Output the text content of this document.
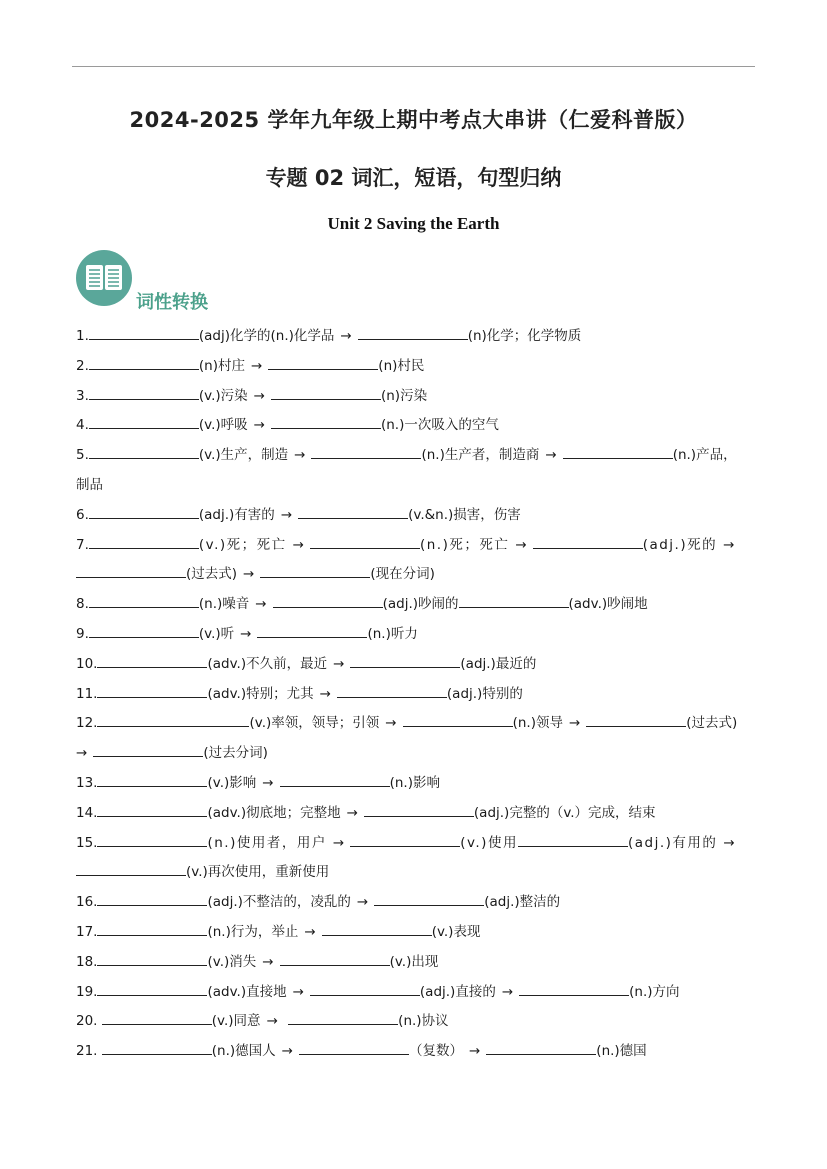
2024-2025 学年九年级上期中考点大串讲（仁爱科普版）
专题 02 词汇，短语，句型归纳
Unit 2 Saving the Earth
词性转换
1.	(adj)化学的(n.)化学品 →	(n)化学；化学物质
2.	(n)村庄 →	(n)村民
3.	(v.)污染 →	(n)污染
4.	(v.)呼吸 →	(n.)一次吸入的空气
5.	(v.)生产，制造 →	(n.)生产者，制造商 →	(n.)产品，
制品
6.	(adj.)有害的 →	(v.&n.)损害，伤害
7.	(v.)死；死亡 →	(n.)死；死亡 →	(adj.)死的 →
(过去式) →	(现在分词)
8.	(n.)噪音 →	(adj.)吵闹的	(adv.)吵闹地
9.	(v.)听 →	(n.)听力
10.	(adv.)不久前，最近 →	(adj.)最近的
11.	(adv.)特别；尤其 →	(adj.)特别的
12.	(v.)率领，领导；引领 →	(n.)领导 →	(过去式)
→	(过去分词)
13.	(v.)影响 →	(n.)影响
14.	(adv.)彻底地；完整地 →	(adj.)完整的（v.）完成，结束
15.	(n.)使用者，用户 →	(v.)使用	(adj.)有用的 →
(v.)再次使用，重新使用
16.	(adj.)不整洁的，凌乱的 →	(adj.)整洁的
17.	(n.)行为，举止 →	(v.)表现
18.	(v.)消失 →	(v.)出现
19.	(adv.)直接地 →	(adj.)直接的 →	(n.)方向
20.	(v.)同意 →	(n.)协议
21.	(n.)德国人 →	（复数） →	(n.)德国
